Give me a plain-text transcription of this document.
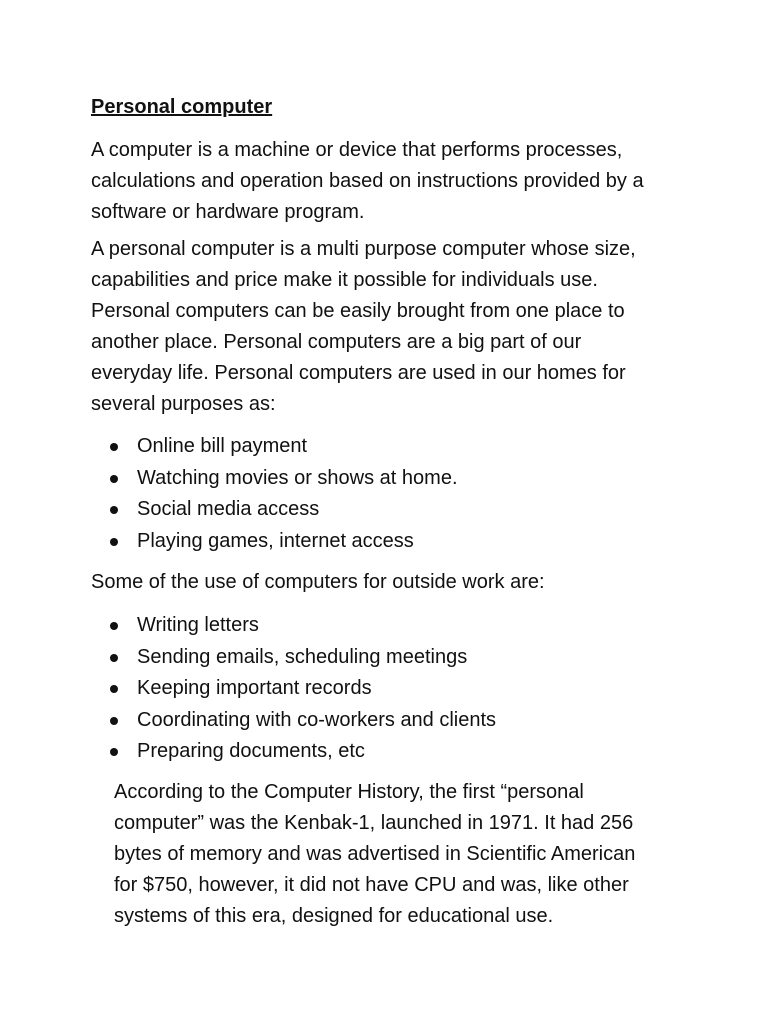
Personal computer

A computer is a machine or device that performs processes,
calculations and operation based on instructions provided by a
software or hardware program.

A personal computer is a multi purpose computer whose size,
capabilities and price make it possible for individuals use.
Personal computers can be easily brought from one place to
another place. Personal computers are a big part of our
everyday life. Personal computers are used in our homes for
several purposes as:

Online bill payment
Watching movies or shows at home.
Social media access
Playing games, internet access

Some of the use of computers for outside work are:

Writing letters
Sending emails, scheduling meetings
Keeping important records
Coordinating with co-workers and clients
Preparing documents, etc

According to the Computer History, the first “personal
computer” was the Kenbak-1, launched in 1971. It had 256
bytes of memory and was advertised in Scientific American
for $750, however, it did not have CPU and was, like other
systems of this era, designed for educational use.
